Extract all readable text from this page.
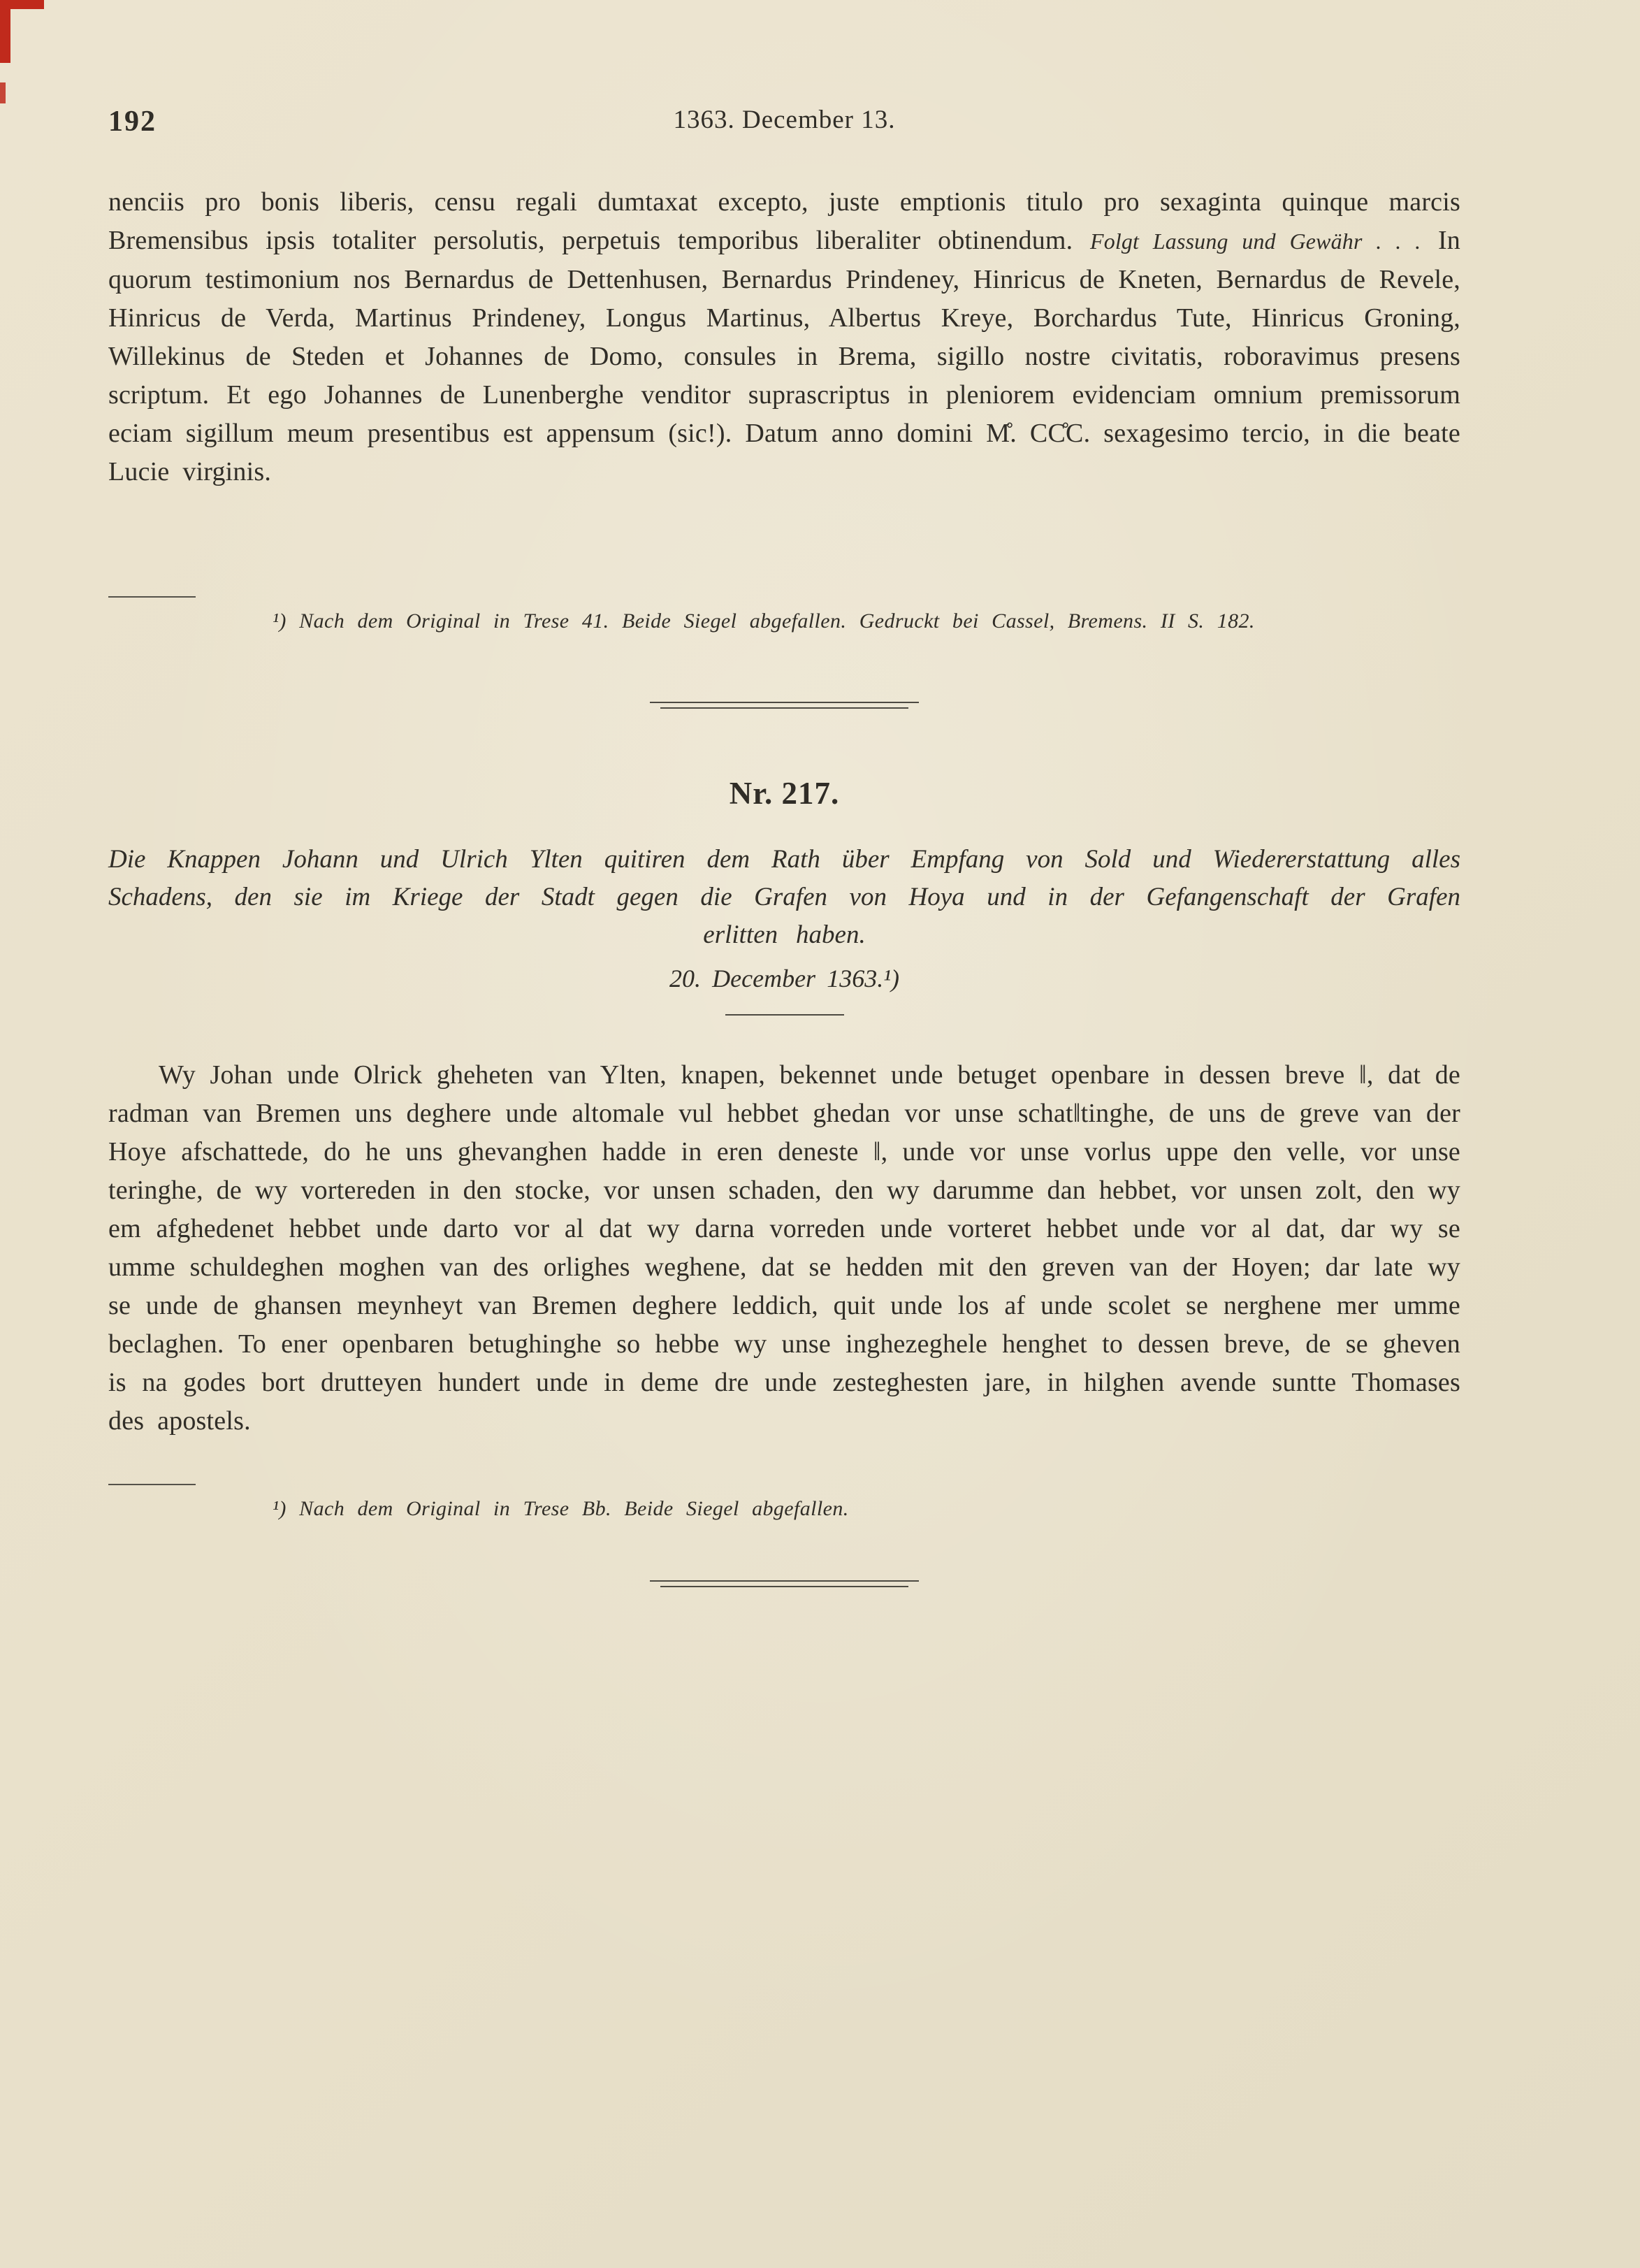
192	1363. December 13.

nenciis pro bonis liberis, censu regali dumtaxat excepto, juste emptionis titulo pro sexaginta quinque marcis Bremensibus ipsis totaliter persolutis, perpetuis temporibus liberaliter obtinendum. Folgt Lassung und Gewähr . . . In quorum testimonium nos Bernardus de Dettenhusen, Bernardus Prindeney, Hinricus de Kneten, Bernardus de Revele, Hinricus de Verda, Martinus Prindeney, Longus Martinus, Albertus Kreye, Borchardus Tute, Hinricus Groning, Willekinus de Steden et Johannes de Domo, consules in Brema, sigillo nostre civitatis, roboravimus presens scriptum. Et ego Johannes de Lunenberghe venditor suprascriptus in pleniorem evidenciam omnium premissorum eciam sigillum meum presentibus est appensum (sic!). Datum anno domini M̊. CC̊C. sexagesimo tercio, in die beate Lucie virginis.

¹) Nach dem Original in Trese 41. Beide Siegel abgefallen. Gedruckt bei Cassel, Bremens. II S. 182.

Nr. 217.

Die Knappen Johann und Ulrich Ylten quitiren dem Rath über Empfang von Sold und Wiedererstattung alles Schadens, den sie im Kriege der Stadt gegen die Grafen von Hoya und in der Gefangenschaft der Grafen erlitten haben.

20. December 1363.¹)

Wy Johan unde Olrick gheheten van Ylten, knapen, bekennet unde betuget openbare in dessen breve ‖, dat de radman van Bremen uns deghere unde altomale vul hebbet ghedan vor unse schat‖tinghe, de uns de greve van der Hoye afschattede, do he uns ghevanghen hadde in eren deneste ‖, unde vor unse vorlus uppe den velle, vor unse teringhe, de wy vortereden in den stocke, vor unsen schaden, den wy darumme dan hebbet, vor unsen zolt, den wy em afghedenet hebbet unde darto vor al dat wy darna vorreden unde vorteret hebbet unde vor al dat, dar wy se umme schuldeghen moghen van des orlighes weghene, dat se hedden mit den greven van der Hoyen; dar late wy se unde de ghansen meynheyt van Bremen deghere leddich, quit unde los af unde scolet se nerghene mer umme beclaghen. To ener openbaren betughinghe so hebbe wy unse inghezeghele henghet to dessen breve, de se gheven is na godes bort drutteyen hundert unde in deme dre unde zesteghesten jare, in hilghen avende suntte Thomases des apostels.

¹) Nach dem Original in Trese Bb. Beide Siegel abgefallen.
